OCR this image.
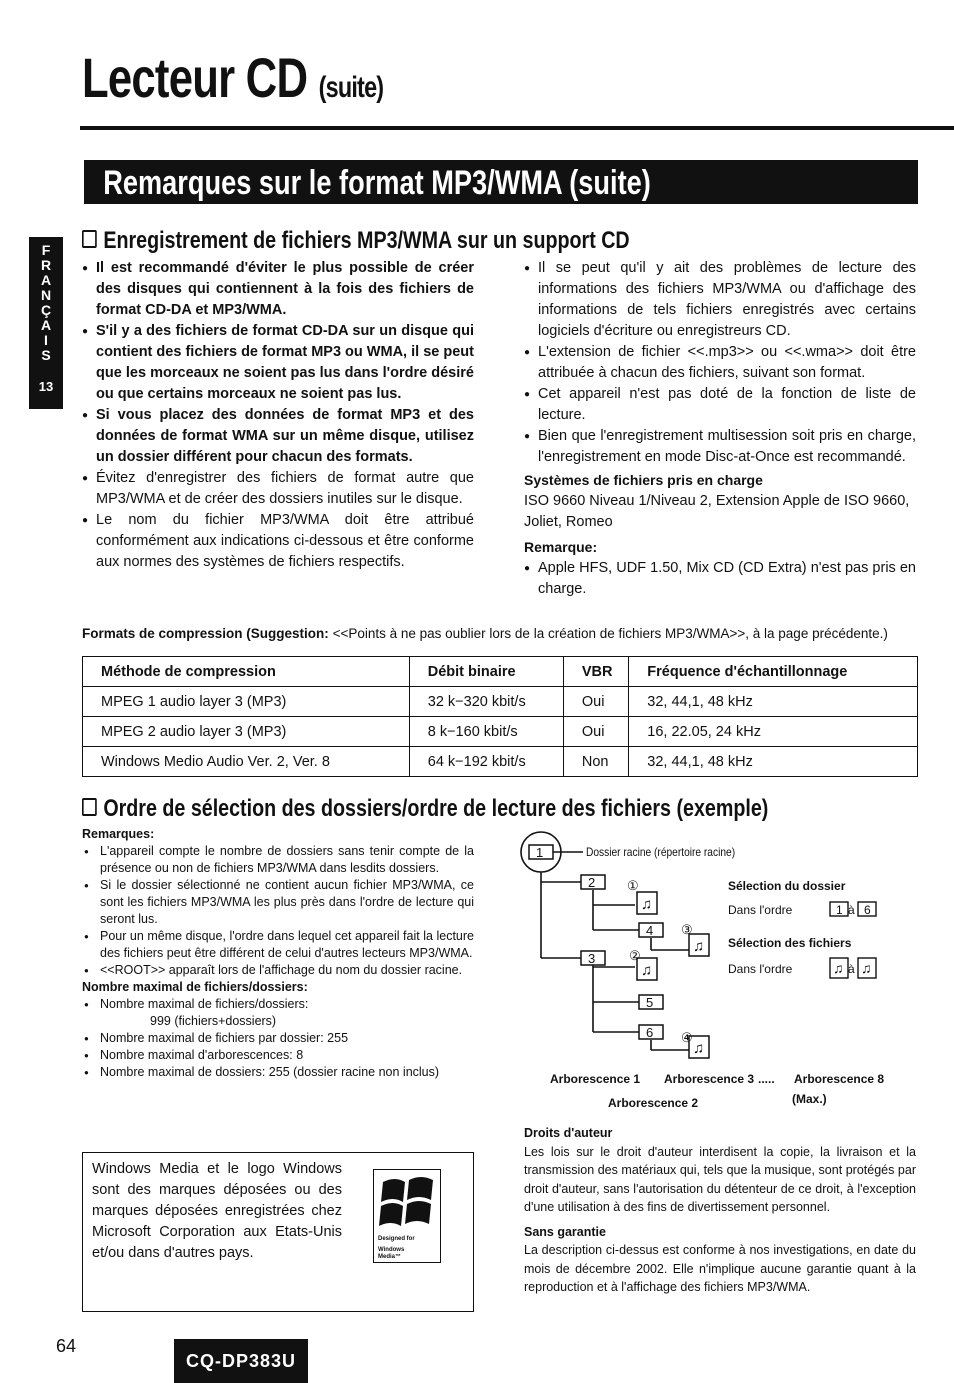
Lecteur CD (suite)
Remarques sur le format MP3/WMA (suite)
F
R
A
N
Ç
A
I
S
13
Enregistrement de fichiers MP3/WMA sur un support CD
● Il est recommandé d'éviter le plus possible de créer des disques qui contiennent à la fois des fichiers de format CD-DA et MP3/WMA.
● S'il y a des fichiers de format CD-DA sur un disque qui contient des fichiers de format MP3 ou WMA, il se peut que les morceaux ne soient pas lus dans l'ordre désiré ou que certains morceaux ne soient pas lus.
● Si vous placez des données de format MP3 et des données de format WMA sur un même disque, utilisez un dossier différent pour chacun des formats.
● Évitez d'enregistrer des fichiers de format autre que MP3/WMA et de créer des dossiers inutiles sur le disque.
● Le nom du fichier MP3/WMA doit être attribué conformément aux indications ci-dessous et être conforme aux normes des systèmes de fichiers respectifs.
● Il se peut qu'il y ait des problèmes de lecture des informations des fichiers MP3/WMA ou d'affichage des informations de tels fichiers enregistrés avec certains logiciels d'écriture ou enregistreurs CD.
● L'extension de fichier <<.mp3>> ou <<.wma>> doit être attribuée à chacun des fichiers, suivant son format.
● Cet appareil n'est pas doté de la fonction de liste de lecture.
● Bien que l'enregistrement multisession soit pris en charge, l'enregistrement en mode Disc-at-Once est recommandé.
Systèmes de fichiers pris en charge
ISO 9660 Niveau 1/Niveau 2, Extension Apple de ISO 9660, Joliet, Romeo
Remarque:
● Apple HFS, UDF 1.50, Mix CD (CD Extra) n'est pas pris en charge.
Formats de compression (Suggestion: <<Points à ne pas oublier lors de la création de fichiers MP3/WMA>>, à la page précédente.)
Méthode de compression	Débit binaire	VBR	Fréquence d'échantillonnage
MPEG 1 audio layer 3 (MP3)	32 k−320 kbit/s	Oui	32, 44,1, 48 kHz
MPEG 2 audio layer 3 (MP3)	8 k−160 kbit/s	Oui	16, 22.05, 24 kHz
Windows Medio Audio Ver. 2, Ver. 8	64 k−192 kbit/s	Non	32, 44,1, 48 kHz
Ordre de sélection des dossiers/ordre de lecture des fichiers (exemple)
Remarques:
● L'appareil compte le nombre de dossiers sans tenir compte de la présence ou non de fichiers MP3/WMA dans lesdits dossiers.
● Si le dossier sélectionné ne contient aucun fichier MP3/WMA, ce sont les fichiers MP3/WMA les plus près dans l'ordre de lecture qui seront lus.
● Pour un même disque, l'ordre dans lequel cet appareil fait la lecture des fichiers peut être différent de celui d'autres lecteurs MP3/WMA.
● <<ROOT>> apparaît lors de l'affichage du nom du dossier racine.
Nombre maximal de fichiers/dossiers:
● Nombre maximal de fichiers/dossiers:
999 (fichiers+dossiers)
● Nombre maximal de fichiers par dossier: 255
● Nombre maximal d'arborescences: 8
● Nombre maximal de dossiers: 255 (dossier racine non inclus)
1
2
3
4
5
6
♫
♫
♫
♫
①
③
②
④
1 6
♫ ♫
Dossier racine (répertoire racine)
Sélection du dossier
Dans l'ordre	à
Sélection des fichiers
Dans l'ordre	à
Arborescence 1 Arborescence 3 ..... Arborescence 8
Arborescence 2	(Max.)
Windows Media et le logo Windows sont des marques déposées ou des marques déposées enregistrées chez Microsoft Corporation aux Etats-Unis et/ou dans d'autres pays.
Designed for
Windows
Media™
Droits d'auteur
Les lois sur le droit d'auteur interdisent la copie, la livraison et la transmission des matériaux qui, tels que la musique, sont protégés par droit d'auteur, sans l'autorisation du détenteur de ce droit, à l'exception d'une utilisation à des fins de divertissement personnel.
Sans garantie
La description ci-dessus est conforme à nos investigations, en date du mois de décembre 2002. Elle n'implique aucune garantie quant à la reproduction et à l'affichage des fichiers MP3/WMA.
64
CQ-DP383U
